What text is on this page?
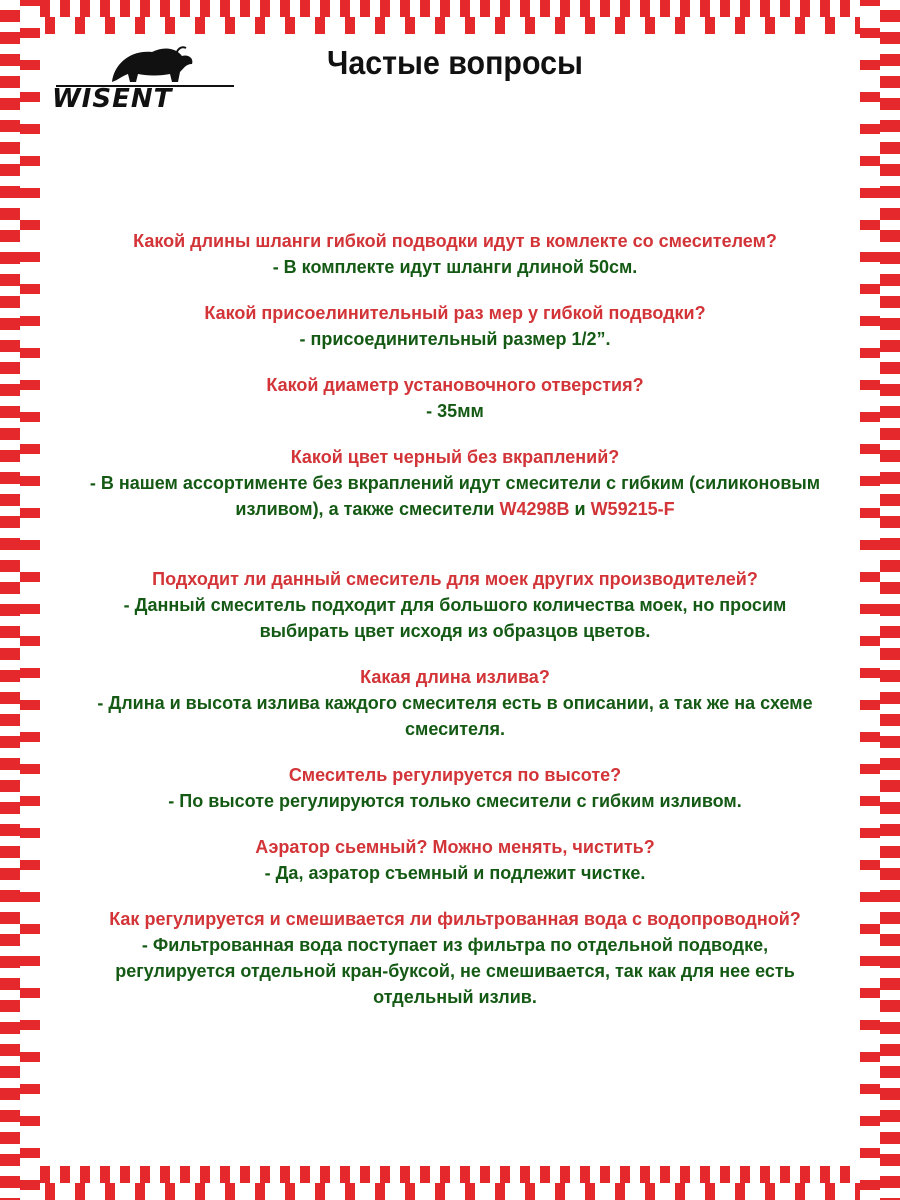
WISENT
Частые вопросы
Какой длины шланги гибкой подводки идут в комлекте со смесителем?
- В комплекте идут шланги длиной 50см.
Какой присоелинительный раз мер у гибкой подводки?
- присоединительный размер 1/2”.
Какой диаметр установочного отверстия?
- 35мм
Какой цвет черный без вкраплений?
- В нашем ассортименте без вкраплений идут смесители с гибким (силиконовым
изливом), а также смесители W4298B и W59215-F
Подходит ли данный смеситель для моек других производителей?
- Данный смеситель подходит для большого количества моек, но просим
выбирать цвет исходя из образцов цветов.
Какая длина излива?
- Длина и высота излива каждого смесителя есть в описании, а так же на схеме
смесителя.
Смеситель регулируется по высоте?
- По высоте регулируются только смесители с гибким изливом.
Аэратор сьемный? Можно менять, чистить?
- Да, аэратор съемный и подлежит чистке.
Как регулируется и смешивается ли фильтрованная вода с водопроводной?
- Фильтрованная вода поступает из фильтра по отдельной подводке,
регулируется отдельной кран-буксой, не смешивается, так как для нее есть
отдельный излив.
